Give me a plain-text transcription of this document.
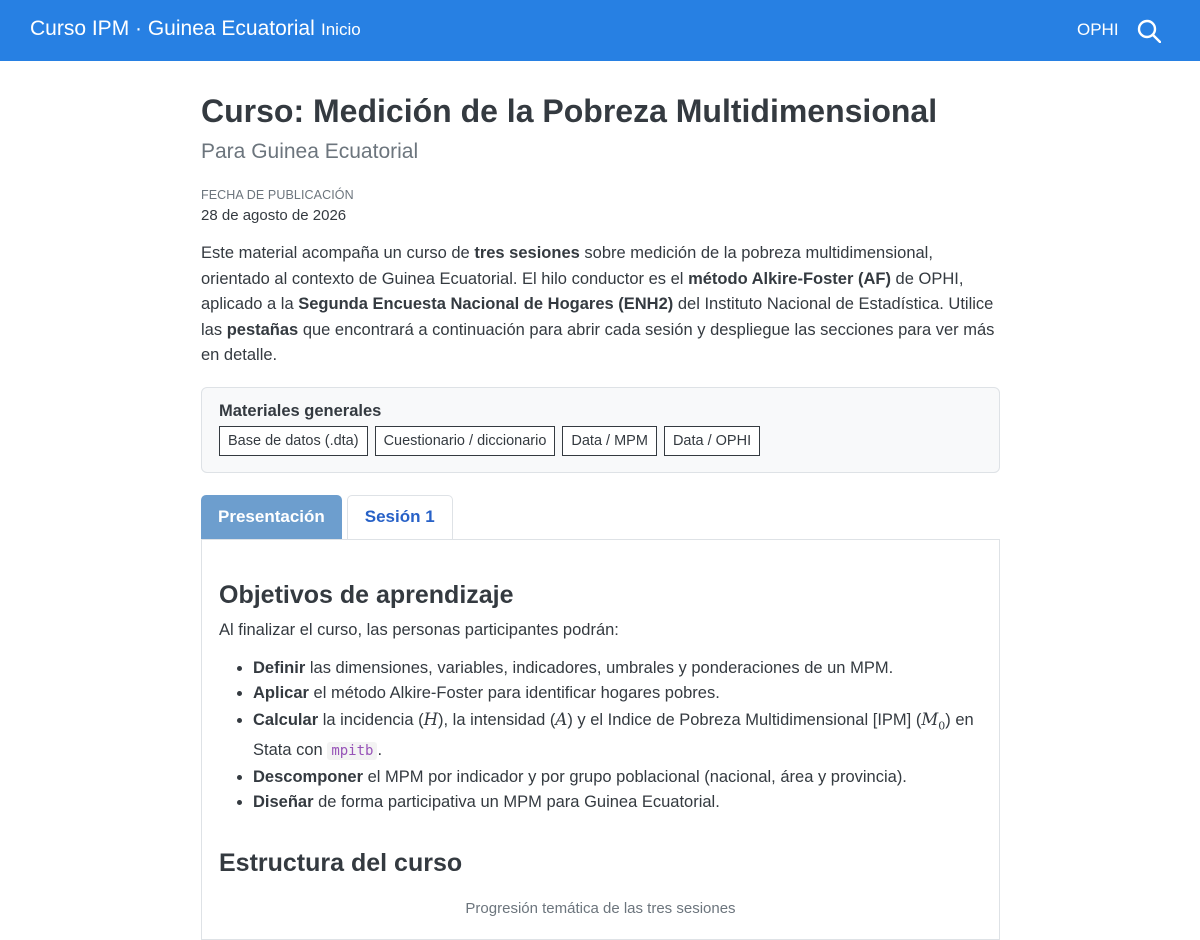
Curso IPM · Guinea Ecuatorial Inicio	OPHI
Curso: Medición de la Pobreza Multidimensional
Para Guinea Ecuatorial
FECHA DE PUBLICACIÓN
28 de agosto de 2026

Este material acompaña un curso de tres sesiones sobre medición de la pobreza multidimensional, orientado al contexto de Guinea Ecuatorial. El hilo conductor es el método Alkire-Foster (AF) de OPHI, aplicado a la Segunda Encuesta Nacional de Hogares (ENH2) del Instituto Nacional de Estadística. Utilice las pestañas que encontrará a continuación para abrir cada sesión y despliegue las secciones para ver más en detalle.

Materiales generales
Base de datos (.dta)	Cuestionario / diccionario	Data / MPM	Data / OPHI
Presentación	Sesión 1
Objetivos de aprendizaje

Al finalizar el curso, las personas participantes podrán:

• Definir las dimensiones, variables, indicadores, umbrales y ponderaciones de un MPM.
• Aplicar el método Alkire-Foster para identificar hogares pobres.
• Calcular la incidencia (H), la intensidad (A) y el Indice de Pobreza Multidimensional [IPM] $(M_0)$ en Stata con mpitb .
• Descomponer el MPM por indicador y por grupo poblacional (nacional, área y provincia).
• Diseñar de forma participativa un MPM para Guinea Ecuatorial.
Estructura del curso
Progresión temática de las tres sesiones
